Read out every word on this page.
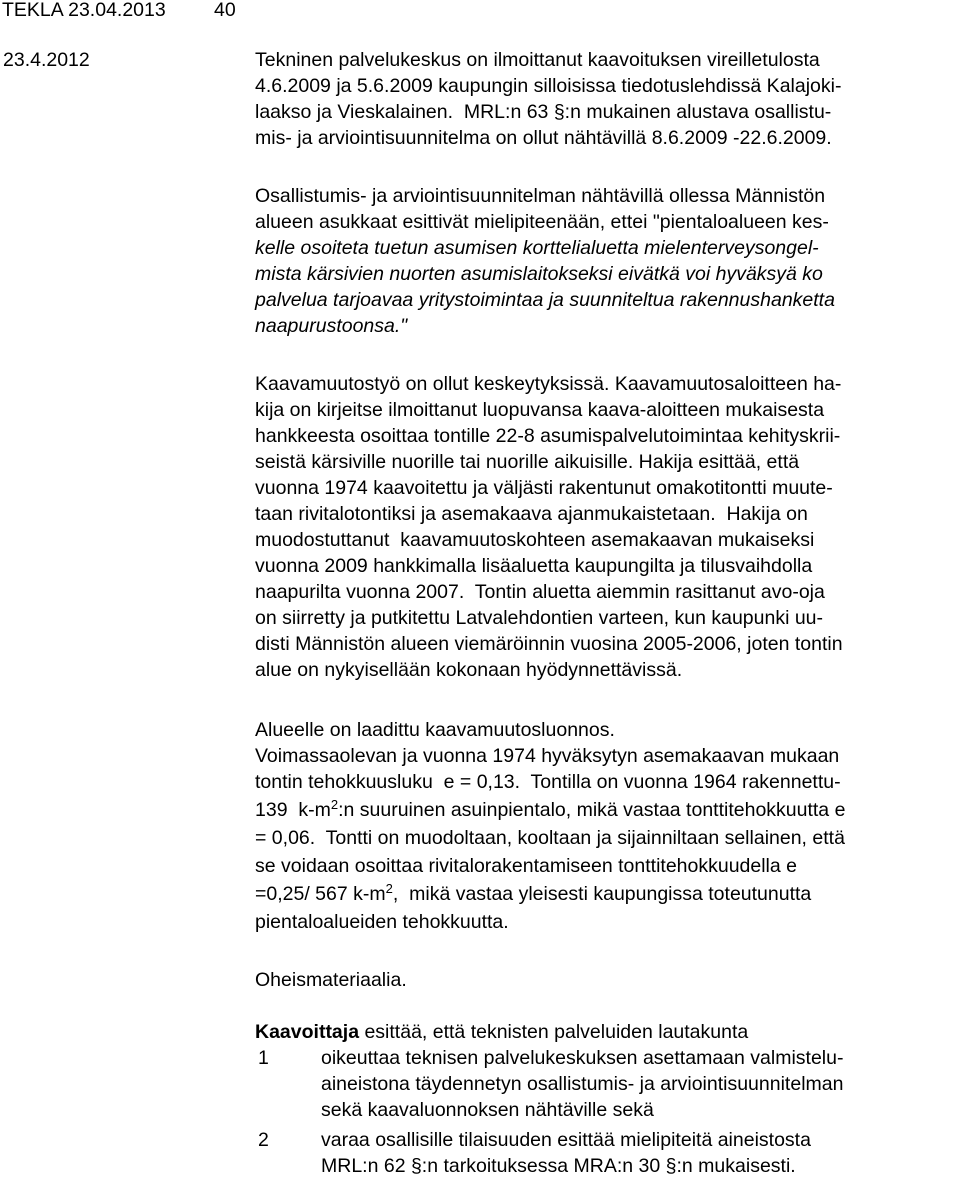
TEKLA 23.04.2013 40
23.4.2012	Tekninen palvelukeskus on ilmoittanut kaavoituksen vireilletulosta
4.6.2009 ja 5.6.2009 kaupungin silloisissa tiedotuslehdissä Kalajoki-
laakso ja Vieskalainen.  MRL:n 63 §:n mukainen alustava osallistu-
mis- ja arviointisuunnitelma on ollut nähtävillä 8.6.2009 -22.6.2009.
Osallistumis- ja arviointisuunnitelman nähtävillä ollessa Männistön
alueen asukkaat esittivät mielipiteenään, ettei "pientaloalueen kes-
kelle osoiteta tuetun asumisen korttelialuetta mielenterveysongel-
mista kärsivien nuorten asumislaitokseksi eivätkä voi hyväksyä ko
palvelua tarjoavaa yritystoimintaa ja suunniteltua rakennushanketta
naapurustoonsa."
Kaavamuutostyö on ollut keskeytyksissä. Kaavamuutosaloitteen ha-
kija on kirjeitse ilmoittanut luopuvansa kaava-aloitteen mukaisesta
hankkeesta osoittaa tontille 22-8 asumispalvelutoimintaa kehityskrii-
seistä kärsiville nuorille tai nuorille aikuisille. Hakija esittää, että
vuonna 1974 kaavoitettu ja väljästi rakentunut omakotitontti muute-
taan rivitalotontiksi ja asemakaava ajanmukaistetaan.  Hakija on
muodostuttanut  kaavamuutoskohteen asemakaavan mukaiseksi
vuonna 2009 hankkimalla lisäaluetta kaupungilta ja tilusvaihdolla
naapurilta vuonna 2007.  Tontin aluetta aiemmin rasittanut avo-oja
on siirretty ja putkitettu Latvalehdontien varteen, kun kaupunki uu-
disti Männistön alueen viemäröinnin vuosina 2005-2006, joten tontin
alue on nykyisellään kokonaan hyödynnettävissä.
Alueelle on laadittu kaavamuutosluonnos.
Voimassaolevan ja vuonna 1974 hyväksytyn asemakaavan mukaan
tontin tehokkuusluku  e = 0,13.  Tontilla on vuonna 1964 rakennettu-
139  $k-m^2:n$ suuruinen asuinpientalo, mikä vastaa tonttitehokkuutta e
= 0,06.  Tontti on muodoltaan, kooltaan ja sijainniltaan sellainen, että
se voidaan osoittaa rivitalorakentamiseen tonttitehokkuudella e
=0,25/ 567 $k-m^2$,  mikä vastaa yleisesti kaupungissa toteutunutta
pientaloalueiden tehokkuutta.
Oheismateriaalia.
Kaavoittaja esittää, että teknisten palveluiden lautakunta
1	oikeuttaa teknisen palvelukeskuksen asettamaan valmistelu-
aineistona täydennetyn osallistumis- ja arviointisuunnitelman
sekä kaavaluonnoksen nähtäville sekä
2	varaa osallisille tilaisuuden esittää mielipiteitä aineistosta
MRL:n 62 §:n tarkoituksessa MRA:n 30 §:n mukaisesti.
